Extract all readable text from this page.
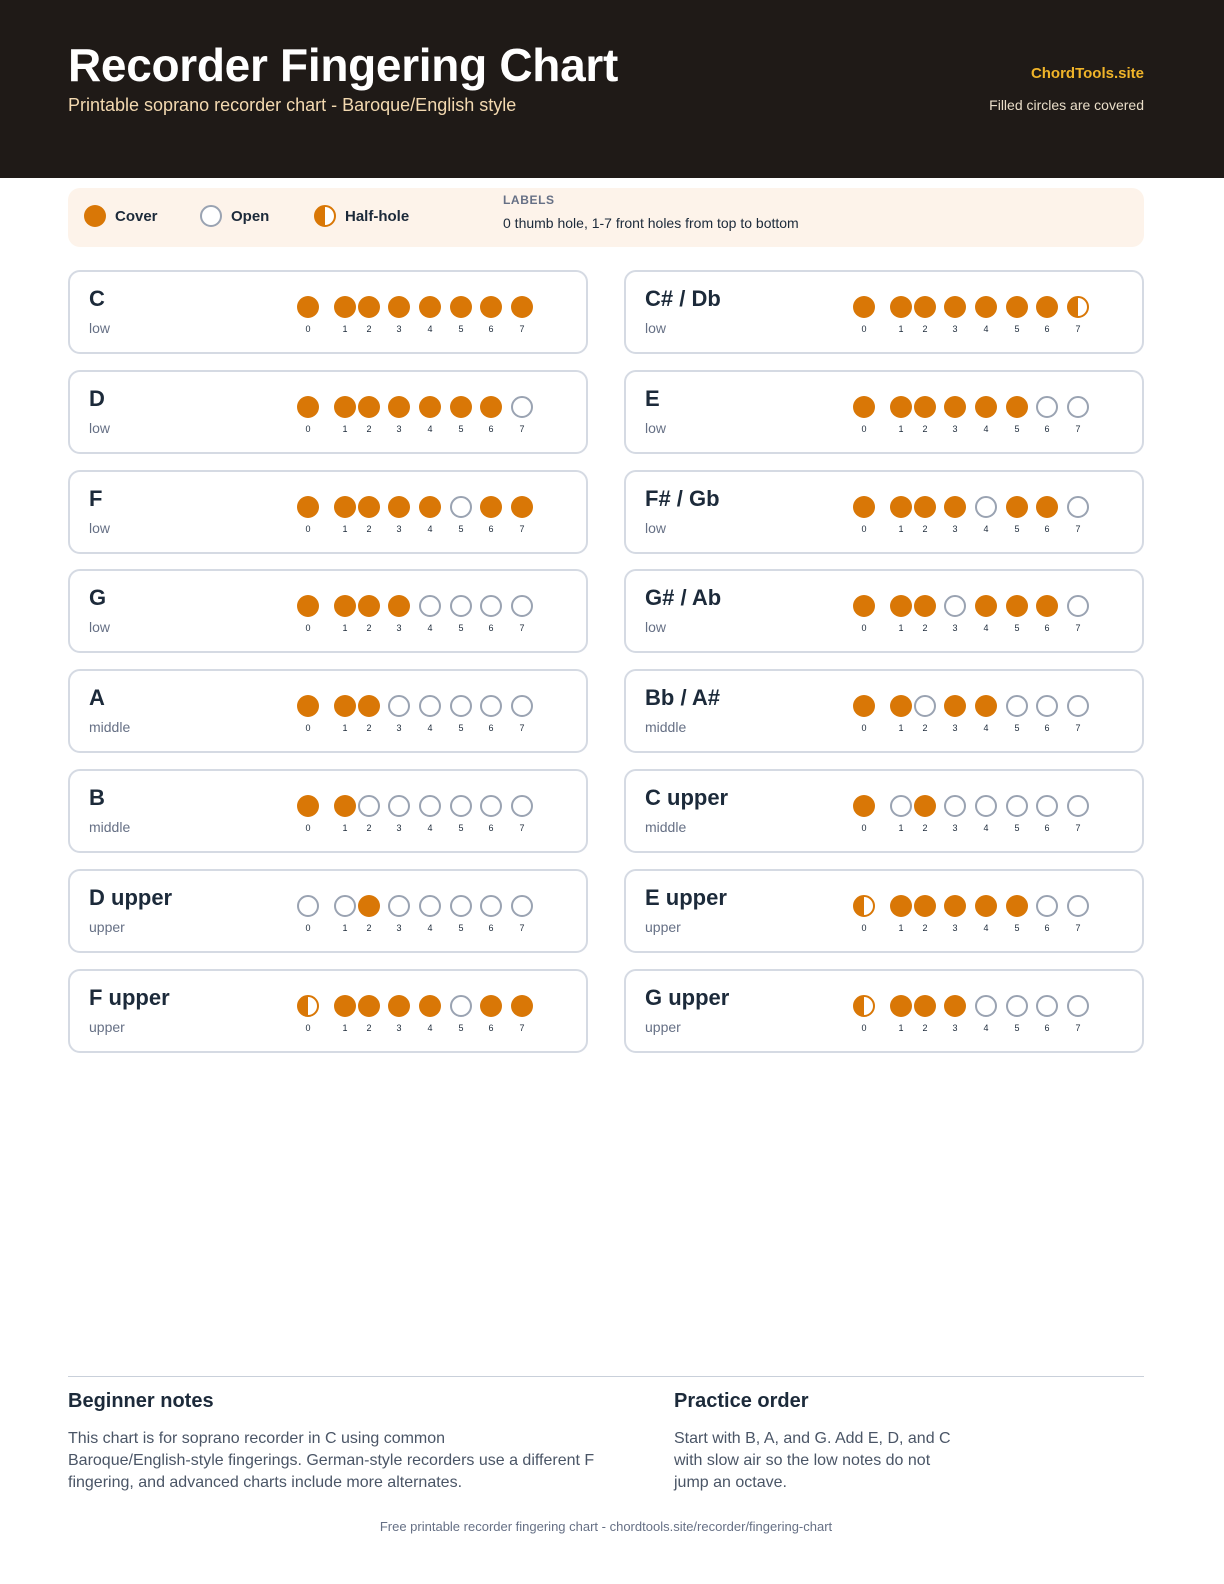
Recorder Fingering Chart
Printable soprano recorder chart - Baroque/English style
ChordTools.site
Filled circles are covered
Cover	Open	Half-hole
LABELS
0 thumb hole, 1-7 front holes from top to bottom
C
low	0	1	2	3	4	5	6	7
C# / Db
low	0	1	2	3	4	5	6	7
D
low	0	1	2	3	4	5	6	7
E
low	0	1	2	3	4	5	6	7
F
low	0	1	2	3	4	5	6	7
F# / Gb
low	0	1	2	3	4	5	6	7
G
low	0	1	2	3	4	5	6	7
G# / Ab
low	0	1	2	3	4	5	6	7
A
middle	0	1	2	3	4	5	6	7
Bb / A#
middle	0	1	2	3	4	5	6	7
B
middle	0	1	2	3	4	5	6	7
C upper
middle	0	1	2	3	4	5	6	7
D upper
upper	0	1	2	3	4	5	6	7
E upper
upper	0	1	2	3	4	5	6	7
F upper
upper	0	1	2	3	4	5	6	7
G upper
upper	0	1	2	3	4	5	6	7
Beginner notes
This chart is for soprano recorder in C using common
Baroque/English-style fingerings. German-style recorders use a different F
fingering, and advanced charts include more alternates.
Practice order
Start with B, A, and G. Add E, D, and C
with slow air so the low notes do not
jump an octave.
Free printable recorder fingering chart - chordtools.site/recorder/fingering-chart
